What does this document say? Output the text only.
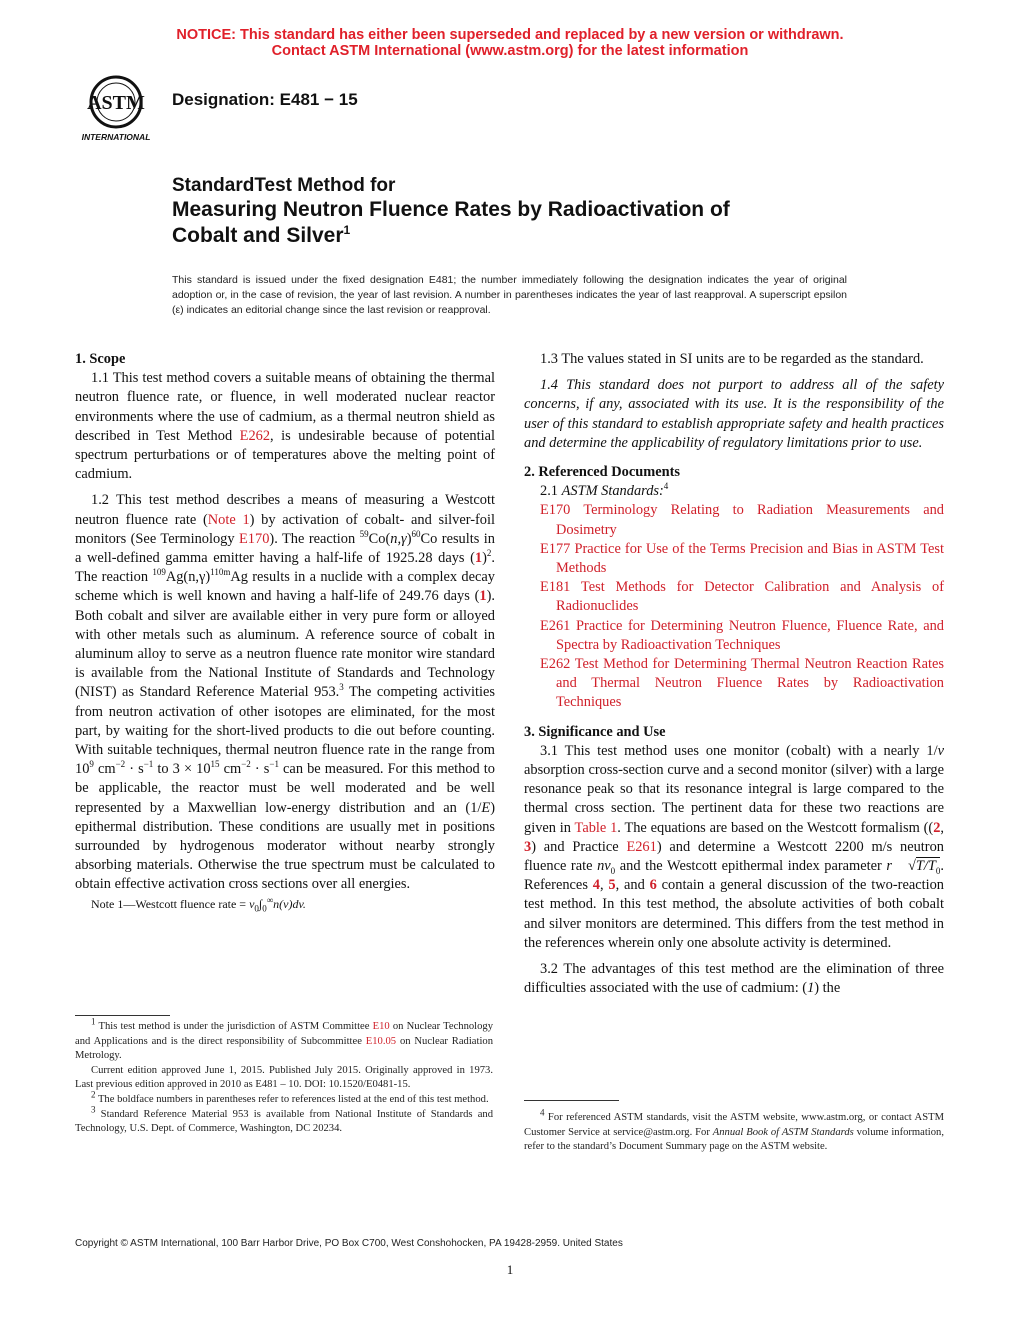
NOTICE: This standard has either been superseded and replaced by a new version or withdrawn.
Contact ASTM International (www.astm.org) for the latest information
ASTM
INTERNATIONAL
Designation: E481 − 15
StandardTest Method for
Measuring Neutron Fluence Rates by Radioactivation of
Cobalt and Silver$^1$
This standard is issued under the fixed designation E481; the number immediately following the designation indicates the year of original adoption or, in the case of revision, the year of last revision. A number in parentheses indicates the year of last reapproval. A superscript epsilon (ε) indicates an editorial change since the last revision or reapproval.

1. Scope

1.1 This test method covers a suitable means of obtaining the thermal neutron fluence rate, or fluence, in well moderated nuclear reactor environments where the use of cadmium, as a thermal neutron shield as described in Test Method E262, is undesirable because of potential spectrum perturbations or of temperatures above the melting point of cadmium.

1.2 This test method describes a means of measuring a Westcott neutron fluence rate (Note 1) by activation of cobalt- and silver-foil monitors (See Terminology E170). The reaction $^{59}Co(n,\gamma)^{60}Co$ results in a well-defined gamma emitter having a half-life of 1925.28 days $(1)^2$. The reaction $^{109}Ag(n,\gamma)^{110m}Ag$ results in a nuclide with a complex decay scheme which is well known and having a half-life of 249.76 days (1). Both cobalt and silver are available either in very pure form or alloyed with other metals such as aluminum. A reference source of cobalt in aluminum alloy to serve as a neutron fluence rate monitor wire standard is available from the National Institute of Standards and Technology (NIST) as Standard Reference Material 953.$^3$ The competing activities from neutron activation of other isotopes are eliminated, for the most part, by waiting for the short-lived products to die out before counting. With suitable techniques, thermal neutron fluence rate in the range from $10^9$ $cm^{-2} \cdot s^{-1}$ to $3 \times 10^{15}$ $cm^{-2} \cdot s^{-1}$ can be measured. For this method to be applicable, the reactor must be well moderated and be well represented by a Maxwellian low-energy distribution and an (1/E) epithermal distribution. These conditions are usually met in positions surrounded by hydrogenous moderator without nearby strongly absorbing materials. Otherwise the true spectrum must be calculated to obtain effective activation cross sections over all energies.

Note 1—Westcott fluence rate = $v_0\int_0^\infty n(v)dv$.

1.3 The values stated in SI units are to be regarded as the standard.

1.4 This standard does not purport to address all of the safety concerns, if any, associated with its use. It is the responsibility of the user of this standard to establish appropriate safety and health practices and determine the applicability of regulatory limitations prior to use.

2. Referenced Documents

2.1 ASTM Standards:$^4$

E170 Terminology Relating to Radiation Measurements and Dosimetry

E177 Practice for Use of the Terms Precision and Bias in ASTM Test Methods

E181 Test Methods for Detector Calibration and Analysis of Radionuclides

E261 Practice for Determining Neutron Fluence, Fluence Rate, and Spectra by Radioactivation Techniques

E262 Test Method for Determining Thermal Neutron Reaction Rates and Thermal Neutron Fluence Rates by Radioactivation Techniques

3. Significance and Use

3.1 This test method uses one monitor (cobalt) with a nearly 1/v absorption cross-section curve and a second monitor (silver) with a large resonance peak so that its resonance integral is large compared to the thermal cross section. The pertinent data for these two reactions are given in Table 1. The equations are based on the Westcott formalism ((2, 3) and Practice E261) and determine a Westcott 2200 m/s neutron fluence rate $nv_0$ and the Westcott epithermal index parameter r $√T/T_0$. References 4, 5, and 6 contain a general discussion of the two-reaction test method. In this test method, the absolute activities of both cobalt and silver monitors are determined. This differs from the test method in the references wherein only one absolute activity is determined.

3.2 The advantages of this test method are the elimination of three difficulties associated with the use of cadmium: (1) the

$^1$ This test method is under the jurisdiction of ASTM Committee E10 on Nuclear Technology and Applications and is the direct responsibility of Subcommittee E10.05 on Nuclear Radiation Metrology.

Current edition approved June 1, 2015. Published July 2015. Originally approved in 1973. Last previous edition approved in 2010 as E481 – 10. DOI: 10.1520/E0481-15.

$^2$ The boldface numbers in parentheses refer to references listed at the end of this test method.

$^3$ Standard Reference Material 953 is available from National Institute of Standards and Technology, U.S. Dept. of Commerce, Washington, DC 20234.

$^4$ For referenced ASTM standards, visit the ASTM website, www.astm.org, or contact ASTM Customer Service at service@astm.org. For Annual Book of ASTM Standards volume information, refer to the standard’s Document Summary page on the ASTM website.

Copyright © ASTM International, 100 Barr Harbor Drive, PO Box C700, West Conshohocken, PA 19428-2959. United States
1
